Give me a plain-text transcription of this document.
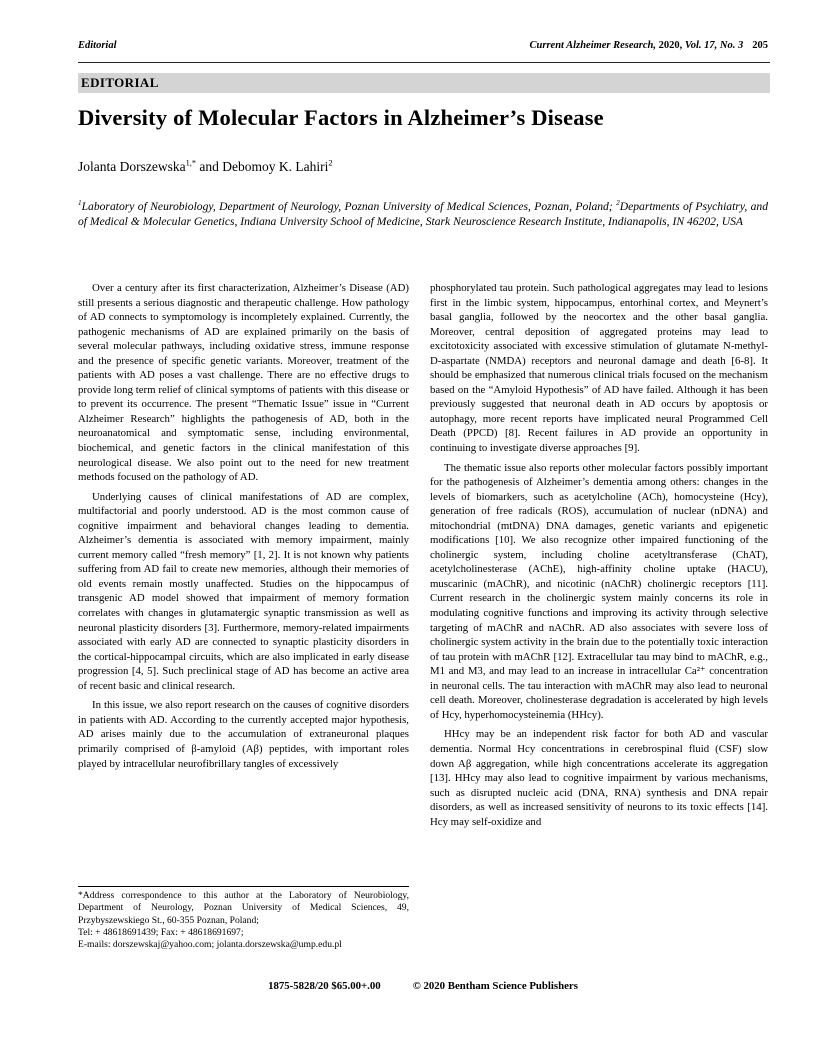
Editorial	Current Alzheimer Research, 2020, Vol. 17, No. 3 205
EDITORIAL
Diversity of Molecular Factors in Alzheimer’s Disease
Jolanta Dorszewska$^{1,*}$ and Debomoy K. Lahiri$^2$

$^1$Laboratory of Neurobiology, Department of Neurology, Poznan University of Medical Sciences, Poznan, Poland; $^2$Departments of Psychiatry, and of Medical & Molecular Genetics, Indiana University School of Medicine, Stark Neuroscience Research Institute, Indianapolis, IN 46202, USA

Over a century after its first characterization, Alzheimer’s Disease (AD) still presents a serious diagnostic and therapeutic challenge. How pathology of AD connects to symptomology is incompletely explained. Currently, the pathogenic mechanisms of AD are explained primarily on the basis of several molecular pathways, including oxidative stress, immune response and the presence of specific genetic variants. Moreover, treatment of the patients with AD poses a vast challenge. There are no effective drugs to provide long term relief of clinical symptoms of patients with this disease or to prevent its occurrence. The present “Thematic Issue” issue in “Current Alzheimer Research” highlights the pathogenesis of AD, both in the neuroanatomical and symptomatic sense, including environmental, biochemical, and genetic factors in the clinical manifestation of this neurological disease. We also point out to the need for new treatment methods focused on the pathology of AD.

Underlying causes of clinical manifestations of AD are complex, multifactorial and poorly understood. AD is the most common cause of cognitive impairment and behavioral changes leading to dementia. Alzheimer’s dementia is associated with memory impairment, mainly current memory called “fresh memory” [1, 2]. It is not known why patients suffering from AD fail to create new memories, although their memories of old events remain mostly unaffected. Studies on the hippocampus of transgenic AD model showed that impairment of memory formation correlates with changes in glutamatergic synaptic transmission as well as neuronal plasticity disorders [3]. Furthermore, memory-related impairments associated with early AD are connected to synaptic plasticity disorders in the cortical-hippocampal circuits, which are also implicated in early disease progression [4, 5]. Such preclinical stage of AD has become an active area of recent basic and clinical research.

In this issue, we also report research on the causes of cognitive disorders in patients with AD. According to the currently accepted major hypothesis, AD arises mainly due to the accumulation of extraneuronal plaques primarily comprised of β-amyloid (Aβ) peptides, with important roles played by intracellular neurofibrillary tangles of excessively

phosphorylated tau protein. Such pathological aggregates may lead to lesions first in the limbic system, hippocampus, entorhinal cortex, and Meynert’s basal ganglia, followed by the neocortex and the other basal ganglia. Moreover, central deposition of aggregated proteins may lead to excitotoxicity associated with excessive stimulation of glutamate N-methyl-D-aspartate (NMDA) receptors and neuronal damage and death [6-8]. It should be emphasized that numerous clinical trials focused on the mechanism based on the “Amyloid Hypothesis” of AD have failed. Although it has been previously suggested that neuronal death in AD occurs by apoptosis or autophagy, more recent reports have implicated neural Programmed Cell Death (PPCD) [8]. Recent failures in AD provide an opportunity in continuing to investigate diverse approaches [9].

The thematic issue also reports other molecular factors possibly important for the pathogenesis of Alzheimer’s dementia among others: changes in the levels of biomarkers, such as acetylcholine (ACh), homocysteine (Hcy), generation of free radicals (ROS), accumulation of nuclear (nDNA) and mitochondrial (mtDNA) DNA damages, genetic variants and epigenetic modifications [10]. We also recognize other impaired functioning of the cholinergic system, including choline acetyltransferase (ChAT), acetylcholinesterase (AChE), high-affinity choline uptake (HACU), muscarinic (mAChR), and nicotinic (nAChR) cholinergic receptors [11]. Current research in the cholinergic system mainly concerns its role in modulating cognitive functions and improving its activity through selective targeting of mAChR and nAChR. AD also associates with severe loss of cholinergic system activity in the brain due to the potentially toxic interaction of tau protein with mAChR [12]. Extracellular tau may bind to mAChR, e.g., M1 and M3, and may lead to an increase in intracellular Ca²⁺ concentration in neuronal cells. The tau interaction with mAChR may also lead to neuronal cell death. Moreover, cholinesterase degradation is accelerated by high levels of Hcy, hyperhomocysteinemia (HHcy).

HHcy may be an independent risk factor for both AD and vascular dementia. Normal Hcy concentrations in cerebrospinal fluid (CSF) slow down Aβ aggregation, while high concentrations accelerate its aggregation [13]. HHcy may also lead to cognitive impairment by various mechanisms, such as disrupted nucleic acid (DNA, RNA) synthesis and DNA repair disorders, as well as increased sensitivity of neurons to its toxic effects [14]. Hcy may self-oxidize and

*Address correspondence to this author at the Laboratory of Neurobiology, Department of Neurology, Poznan University of Medical Sciences, 49, Przybyszewskiego St., 60-355 Poznan, Poland;

Tel: + 48618691439; Fax: + 48618691697;

E-mails: dorszewskaj@yahoo.com; jolanta.dorszewska@ump.edu.pl

1875-5828/20 $65.00+.00	© 2020 Bentham Science Publishers
